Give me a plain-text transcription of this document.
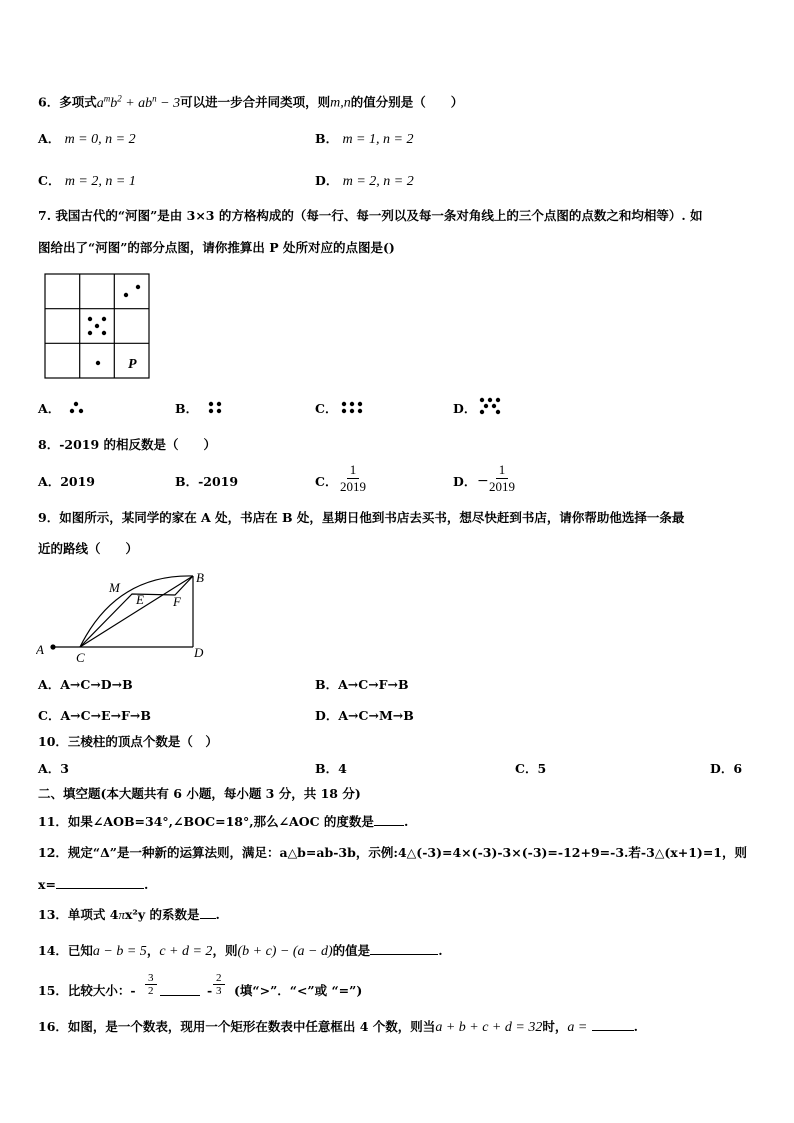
6．多项式$a^mb^2 + ab^n - 3$可以进一步合并同类项，则m,n的值分别是（　　）
A． m = 0, n = 2	B． m = 1, n = 2
C． m = 2, n = 1	D． m = 2, n = 2
7. 我国古代的“河图”是由 3×3 的方格构成的（每一行、每一列以及每一条对角线上的三个点图的点数之和均相等）. 如
图给出了“河图”的部分点图，请你推算出 P 处所对应的点图是()
P
A．	B．	C．	D．
8．-2019 的相反数是（　　）
A．2019	B．-2019	C． $\frac{1}{2019}$	D． − $\frac{1}{2019}$
9．如图所示，某同学的家在 A 处，书店在 B 处，星期日他到书店去买书，想尽快赶到书店，请你帮助他选择一条最
近的路线（　　）
A
C	D
B
M
E F
A．A→C→D→B	B．A→C→F→B
C．A→C→E→F→B	D．A→C→M→B
10．三棱柱的顶点个数是（　）
A．3	B．4	C．5	D．6
二、填空题(本大题共有 6 小题，每小题 3 分，共 18 分)
11．如果∠AOB=34°,∠BOC=18°,那么∠AOC 的度数是 .
12．规定“Δ”是一种新的运算法则，满足：a△b=ab-3b，示例:4△(-3)=4×(-3)-3×(-3)=-12+9=-3.若-3△(x+1)=1，则
x=	.
13．单项式 4πx²y 的系数是 .
14．已知a − b = 5，c + d = 2，则(b + c) − (a − d)的值是	.
15．比较大小：- $\frac{3}{2}$	- $\frac{2}{3}$ (填“>”．“<”或 “=”)
16．如图，是一个数表，现用一个矩形在数表中任意框出 4 个数，则当a + b + c + d = 32时，a =	.
